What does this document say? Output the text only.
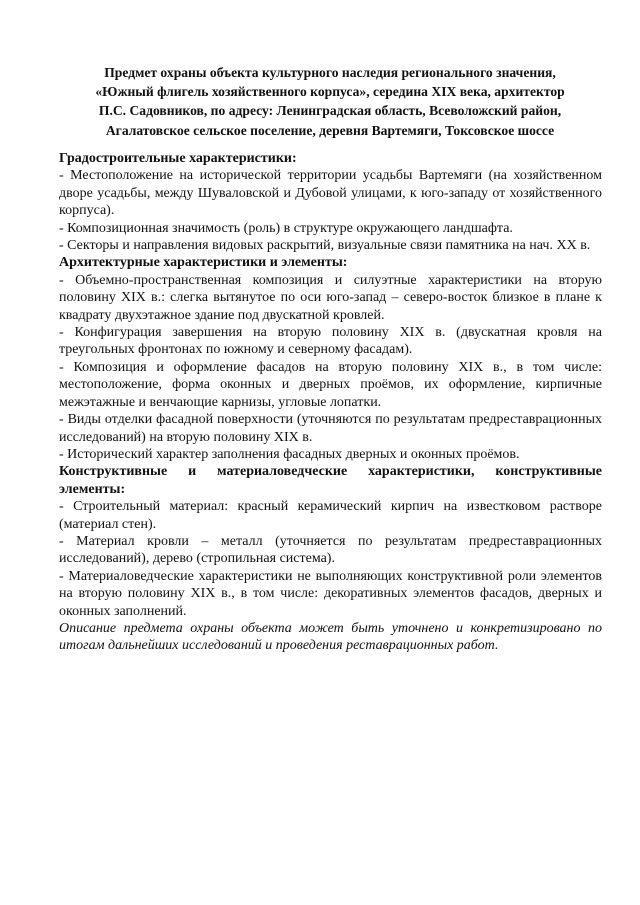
Предмет охраны объекта культурного наследия регионального значения,
«Южный флигель хозяйственного корпуса», середина XIX века, архитектор
П.С. Садовников, по адресу: Ленинградская область, Всеволожский район,
Агалатовское сельское поселение, деревня Вартемяги, Токсовское шоссе
Градостроительные характеристики:

- Местоположение на исторической территории усадьбы Вартемяги (на хозяйственном дворе усадьбы, между Шуваловской и Дубовой улицами, к юго-западу от хозяйственного корпуса).

- Композиционная значимость (роль) в структуре окружающего ландшафта.

- Секторы и направления видовых раскрытий, визуальные связи памятника на нач. XX в.

Архитектурные характеристики и элементы:

- Объемно-пространственная композиция и силуэтные характеристики на вторую половину XIX в.: слегка вытянутое по оси юго-запад – северо-восток близкое в плане к квадрату двухэтажное здание под двускатной кровлей.

- Конфигурация завершения на вторую половину XIX в. (двускатная кровля на треугольных фронтонах по южному и северному фасадам).

- Композиция и оформление фасадов на вторую половину XIX в., в том числе: местоположение, форма оконных и дверных проёмов, их оформление, кирпичные межэтажные и венчающие карнизы, угловые лопатки.

- Виды отделки фасадной поверхности (уточняются по результатам предреставрационных исследований) на вторую половину XIX в.

- Исторический характер заполнения фасадных дверных и оконных проёмов.

Конструктивные и материаловедческие характеристики, конструктивные элементы:

- Строительный материал: красный керамический кирпич на известковом растворе (материал стен).

- Материал кровли – металл (уточняется по результатам предреставрационных исследований), дерево (стропильная система).

- Материаловедческие характеристики не выполняющих конструктивной роли элементов на вторую половину XIX в., в том числе: декоративных элементов фасадов, дверных и оконных заполнений.

Описание предмета охраны объекта может быть уточнено и конкретизировано по итогам дальнейших исследований и проведения реставрационных работ.
